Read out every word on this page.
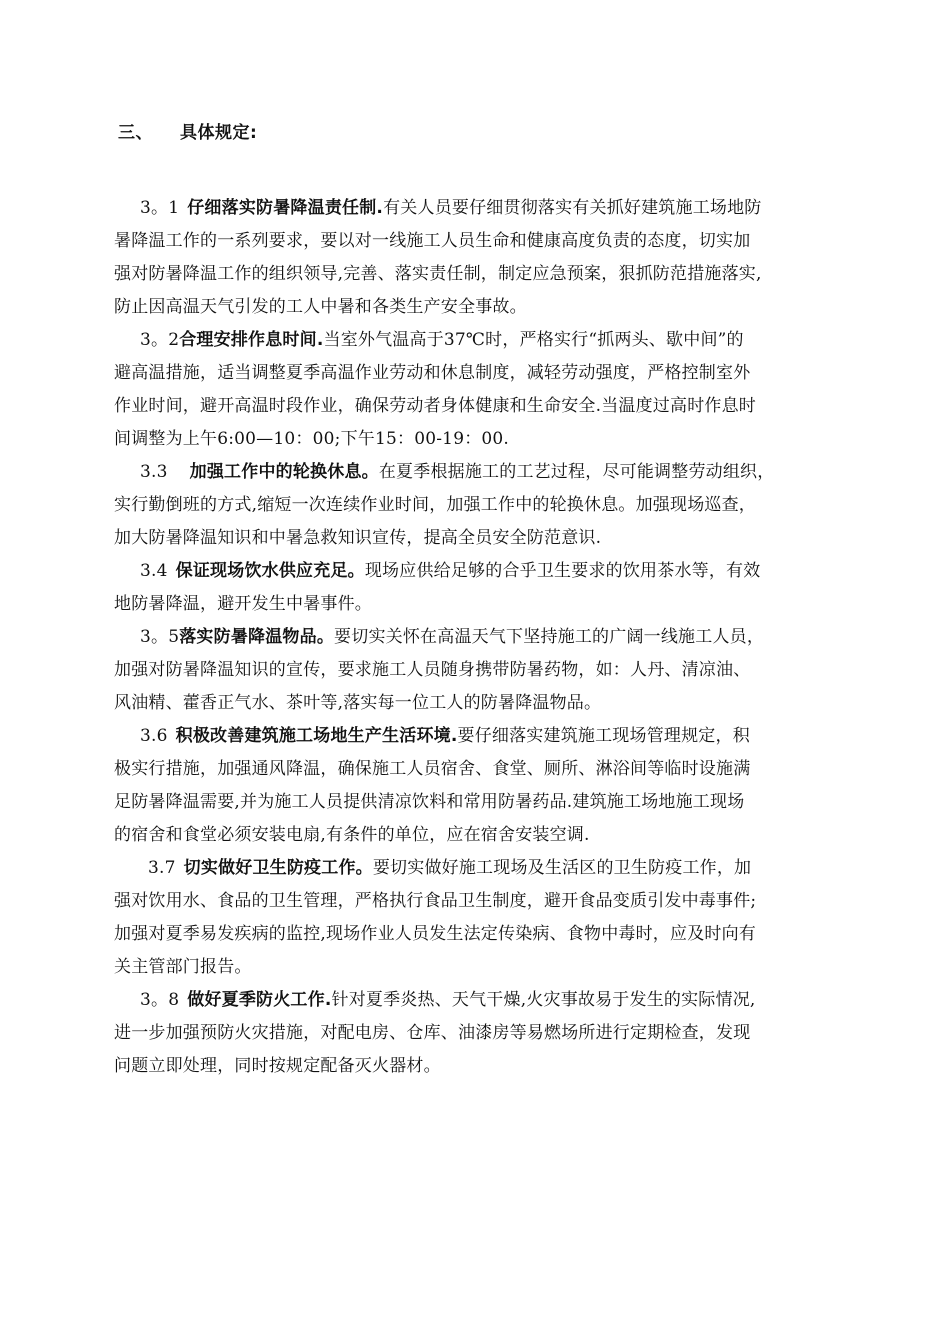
三、 具体规定:
3。1 仔细落实防暑降温责任制.有关人员要仔细贯彻落实有关抓好建筑施工场地防
暑降温工作的一系列要求，要以对一线施工人员生命和健康高度负责的态度，切实加
强对防暑降温工作的组织领导,完善、落实责任制，制定应急预案，狠抓防范措施落实,
防止因高温天气引发的工人中暑和各类生产安全事故。
3。2合理安排作息时间.当室外气温高于37℃时，严格实行“抓两头、歇中间”的
避高温措施，适当调整夏季高温作业劳动和休息制度，减轻劳动强度，严格控制室外
作业时间，避开高温时段作业，确保劳动者身体健康和生命安全.当温度过高时作息时
间调整为上午6:00—10：00;下午15：00-19：00.
3.3 加强工作中的轮换休息。在夏季根据施工的工艺过程，尽可能调整劳动组织，
实行勤倒班的方式,缩短一次连续作业时间，加强工作中的轮换休息。加强现场巡查，
加大防暑降温知识和中暑急救知识宣传，提高全员安全防范意识.
3.4 保证现场饮水供应充足。现场应供给足够的合乎卫生要求的饮用茶水等，有效
地防暑降温，避开发生中暑事件。
3。5落实防暑降温物品。要切实关怀在高温天气下坚持施工的广阔一线施工人员，
加强对防暑降温知识的宣传，要求施工人员随身携带防暑药物，如：人丹、清凉油、
风油精、藿香正气水、茶叶等,落实每一位工人的防暑降温物品。
3.6 积极改善建筑施工场地生产生活环境.要仔细落实建筑施工现场管理规定，积
极实行措施，加强通风降温，确保施工人员宿舍、食堂、厕所、淋浴间等临时设施满
足防暑降温需要,并为施工人员提供清凉饮料和常用防暑药品.建筑施工场地施工现场
的宿舍和食堂必须安装电扇,有条件的单位，应在宿舍安装空调.
3.7 切实做好卫生防疫工作。要切实做好施工现场及生活区的卫生防疫工作，加
强对饮用水、食品的卫生管理，严格执行食品卫生制度，避开食品变质引发中毒事件;
加强对夏季易发疾病的监控,现场作业人员发生法定传染病、食物中毒时，应及时向有
关主管部门报告。
3。8 做好夏季防火工作.针对夏季炎热、天气干燥,火灾事故易于发生的实际情况,
进一步加强预防火灾措施，对配电房、仓库、油漆房等易燃场所进行定期检查，发现
问题立即处理，同时按规定配备灭火器材。
